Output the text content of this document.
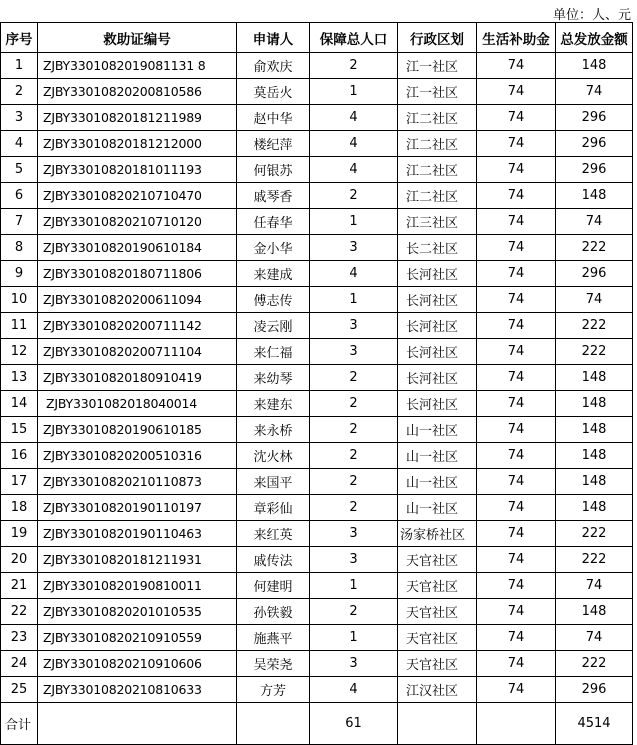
单位：人、元
序号	救助证编号	申请人	保障总人口	行政区划	生活补助金	总发放金额
1	ZJBY3301082019081131 8	俞欢庆	2	江一社区	74	148
2	ZJBY33010820200810586	莫岳火	1	江一社区	74	74
3	ZJBY33010820181211989	赵中华	4	江二社区	74	296
4	ZJBY33010820181212000	楼纪萍	4	江二社区	74	296
5	ZJBY33010820181011193	何银苏	4	江二社区	74	296
6	ZJBY33010820210710470	戚琴香	2	江二社区	74	148
7	ZJBY33010820210710120	任春华	1	江三社区	74	74
8	ZJBY33010820190610184	金小华	3	长二社区	74	222
9	ZJBY33010820180711806	来建成	4	长河社区	74	296
10	ZJBY33010820200611094	傅志传	1	长河社区	74	74
11	ZJBY33010820200711142	凌云刚	3	长河社区	74	222
12	ZJBY33010820200711104	来仁福	3	长河社区	74	222
13	ZJBY33010820180910419	来幼琴	2	长河社区	74	148
14	ZJBY3301082018040014	来建东	2	长河社区	74	148
15	ZJBY33010820190610185	来永桥	2	山一社区	74	148
16	ZJBY33010820200510316	沈火林	2	山一社区	74	148
17	ZJBY33010820210110873	来国平	2	山一社区	74	148
18	ZJBY33010820190110197	章彩仙	2	山一社区	74	148
19	ZJBY33010820190110463	来红英	3	汤家桥社区	74	222
20	ZJBY33010820181211931	戚传法	3	天官社区	74	222
21	ZJBY33010820190810011	何建明	1	天官社区	74	74
22	ZJBY33010820201010535	孙铁毅	2	天官社区	74	148
23	ZJBY33010820210910559	施燕平	1	天官社区	74	74
24	ZJBY33010820210910606	吴荣尧	3	天官社区	74	222
25	ZJBY33010820210810633	方芳	4	江汉社区	74	296
合计			61			4514
